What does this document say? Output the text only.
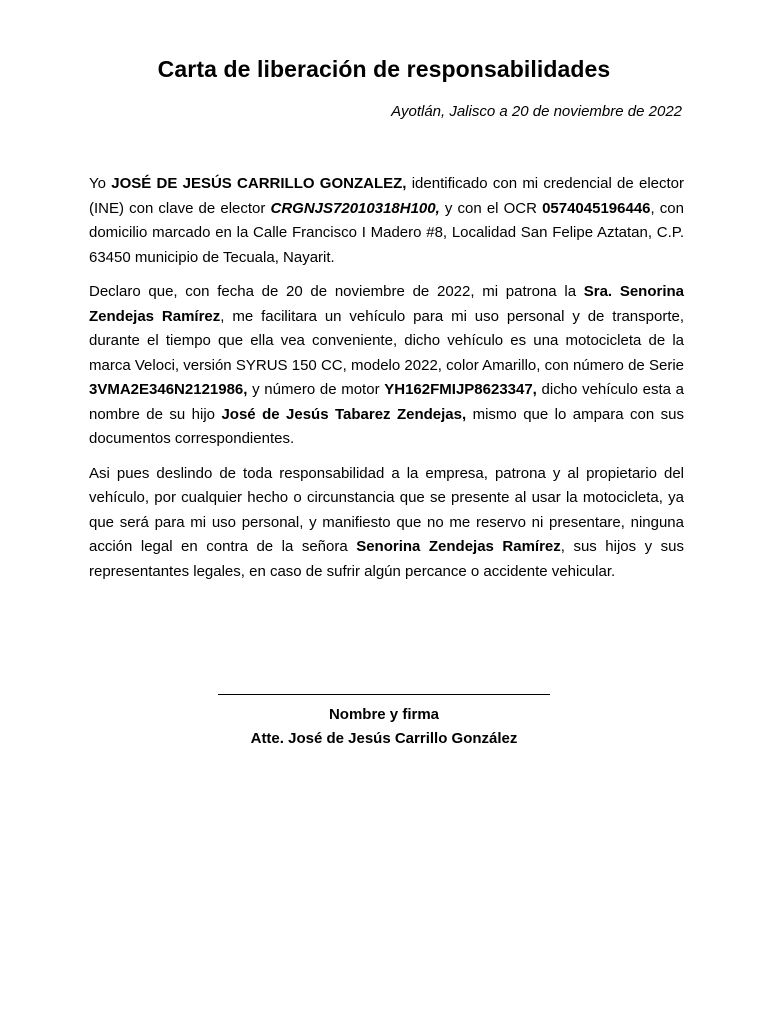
Carta de liberación de responsabilidades
Ayotlán, Jalisco a 20 de noviembre de 2022

Yo JOSÉ DE JESÚS CARRILLO GONZALEZ, identificado con mi credencial de elector (INE) con clave de elector CRGNJS72010318H100, y con el OCR 0574045196446, con domicilio marcado en la Calle Francisco I Madero #8, Localidad San Felipe Aztatan, C.P. 63450 municipio de Tecuala, Nayarit.

Declaro que, con fecha de 20 de noviembre de 2022, mi patrona la Sra. Senorina Zendejas Ramírez, me facilitara un vehículo para mi uso personal y de transporte, durante el tiempo que ella vea conveniente, dicho vehículo es una motocicleta de la marca Veloci, versión SYRUS 150 CC, modelo 2022, color Amarillo, con número de Serie 3VMA2E346N2121986, y número de motor YH162FMIJP8623347, dicho vehículo esta a nombre de su hijo José de Jesús Tabarez Zendejas, mismo que lo ampara con sus documentos correspondientes.

Asi pues deslindo de toda responsabilidad a la empresa, patrona y al propietario del vehículo, por cualquier hecho o circunstancia que se presente al usar la motocicleta, ya que será para mi uso personal, y manifiesto que no me reservo ni presentare, ninguna acción legal en contra de la señora Senorina Zendejas Ramírez, sus hijos y sus representantes legales, en caso de sufrir algún percance o accidente vehicular.

Nombre y firma
Atte. José de Jesús Carrillo González
